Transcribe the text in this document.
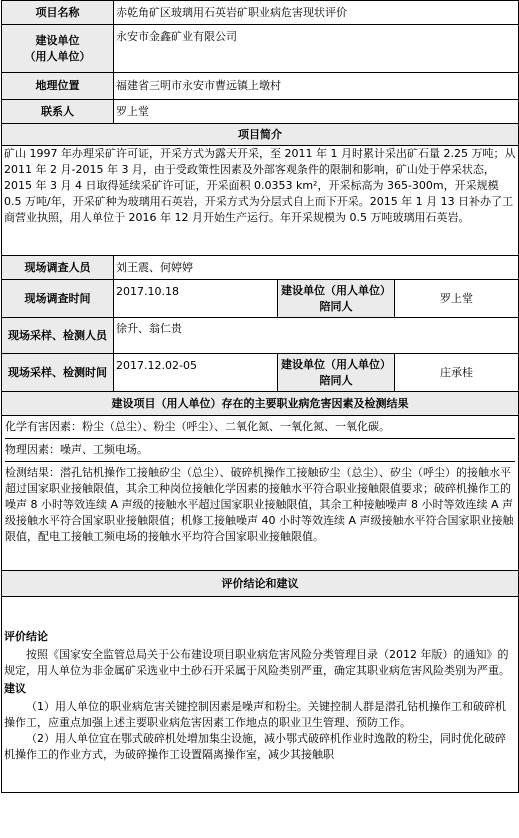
项目名称	赤乾角矿区玻璃用石英岩矿职业病危害现状评价		

建设单位
（用人单位）	永安市金鑫矿业有限公司		
地理位置	福建省三明市永安市曹远镇上墩村		
联系人	罗上堂		
项目简介			
矿山 1997 年办理采矿许可证，开采方式为露天开采，至 2011 年 1 月时累计采出矿石量 2.25 万吨；从 2011 年 2 月-2015 年 3 月，由于受政策性因素及外部客观条件的限制和影响，矿山处于停采状态，2015 年 3 月 4 日取得延续采矿许可证，开采面积 0.0353 km²，开采标高为 365-300m，开采规模 0.5 万吨/年，开采矿种为玻璃用石英岩，开采方式为分层式自上而下开采。2015 年 1 月 13 日补办了工商营业执照，用人单位于 2016 年 12 月开始生产运行。年开采规模为 0.5 万吨玻璃用石英岩。			
现场调查人员	刘王震、何婷婷		
现场调查时间	2017.10.18	建设单位（用人单位）陪同人	罗上堂
现场采样、检测人员	徐升、翁仁贵		
现场采样、检测时间	2017.12.02-05	建设单位（用人单位）陪同人	庄承桂
建设项目（用人单位）存在的主要职业病危害因素及检测结果			

化学有害因素：粉尘（总尘）、粉尘（呼尘）、二氧化氮、一氧化氮、一氧化碳。
物理因素：噪声、工频电场。
检测结果：潜孔钻机操作工接触矽尘（总尘）、破碎机操作工接触矽尘（总尘）、矽尘（呼尘）的接触水平超过国家职业接触限值，其余工种岗位接触化学因素的接触水平符合职业接触限值要求；破碎机操作工的噪声 8 小时等效连续 A 声级的接触水平超过国家职业接触限值，其余工种接触噪声 8 小时等效连续 A 声级接触水平符合国家职业接触限值；机修工接触噪声 40 小时等效连续 A 声级接触水平符合国家职业接触限值，配电工接触工频电场的接触水平均符合国家职业接触限值。			

评价结论和建议			

评价结论

按照《国家安全监管总局关于公布建设项目职业病危害风险分类管理目录（2012 年版）的通知》的规定，用人单位为非金属矿采选业中土砂石开采属于风险类别严重，确定其职业病危害风险类别为严重。

建议

（1）用人单位的职业病危害关键控制因素是噪声和粉尘。关键控制人群是潜孔钻机操作工和破碎机操作工，应重点加强上述主要职业病危害因素工作地点的职业卫生管理、预防工作。

（2）用人单位宜在鄂式破碎机处增加集尘设施，减小鄂式破碎机作业时逸散的粉尘，同时优化破碎机操作工的作业方式，为破碎操作工设置隔离操作室，减少其接触职			
